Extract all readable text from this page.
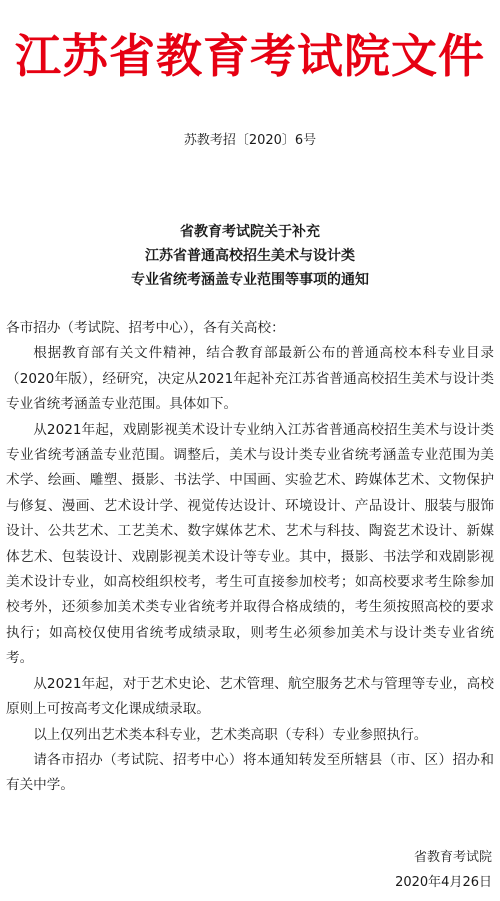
江苏省教育考试院文件
苏教考招〔2020〕6号
省教育考试院关于补充
江苏省普通高校招生美术与设计类
专业省统考涵盖专业范围等事项的通知

各市招办（考试院、招考中心），各有关高校：

根据教育部有关文件精神，结合教育部最新公布的普通高校本科专业目录（2020年版），经研究，决定从2021年起补充江苏省普通高校招生美术与设计类专业省统考涵盖专业范围。具体如下。

从2021年起，戏剧影视美术设计专业纳入江苏省普通高校招生美术与设计类专业省统考涵盖专业范围。调整后，美术与设计类专业省统考涵盖专业范围为美术学、绘画、雕塑、摄影、书法学、中国画、实验艺术、跨媒体艺术、文物保护与修复、漫画、艺术设计学、视觉传达设计、环境设计、产品设计、服装与服饰设计、公共艺术、工艺美术、数字媒体艺术、艺术与科技、陶瓷艺术设计、新媒体艺术、包装设计、戏剧影视美术设计等专业。其中，摄影、书法学和戏剧影视美术设计专业，如高校组织校考，考生可直接参加校考；如高校要求考生除参加校考外，还须参加美术类专业省统考并取得合格成绩的，考生须按照高校的要求执行；如高校仅使用省统考成绩录取，则考生必须参加美术与设计类专业省统考。

从2021年起，对于艺术史论、艺术管理、航空服务艺术与管理等专业，高校原则上可按高考文化课成绩录取。

以上仅列出艺术类本科专业，艺术类高职（专科）专业参照执行。

请各市招办（考试院、招考中心）将本通知转发至所辖县（市、区）招办和有关中学。

省教育考试院
2020年4月26日
